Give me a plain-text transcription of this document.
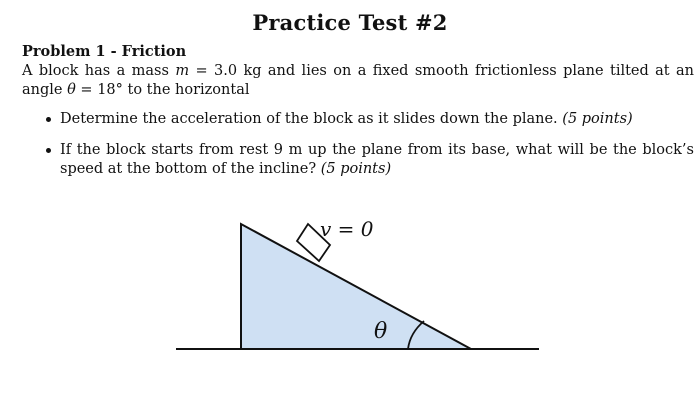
Practice Test #2
Problem 1 - Friction
A block has a mass m = 3.0 kg and lies on a fixed smooth frictionless plane tilted at an angle θ = 18° to the horizontal
Determine the acceleration of the block as it slides down the plane. (5 points)
If the block starts from rest 9 m up the plane from its base, what will be the block’s speed at the bottom of the incline? (5 points)
v = 0
θ
